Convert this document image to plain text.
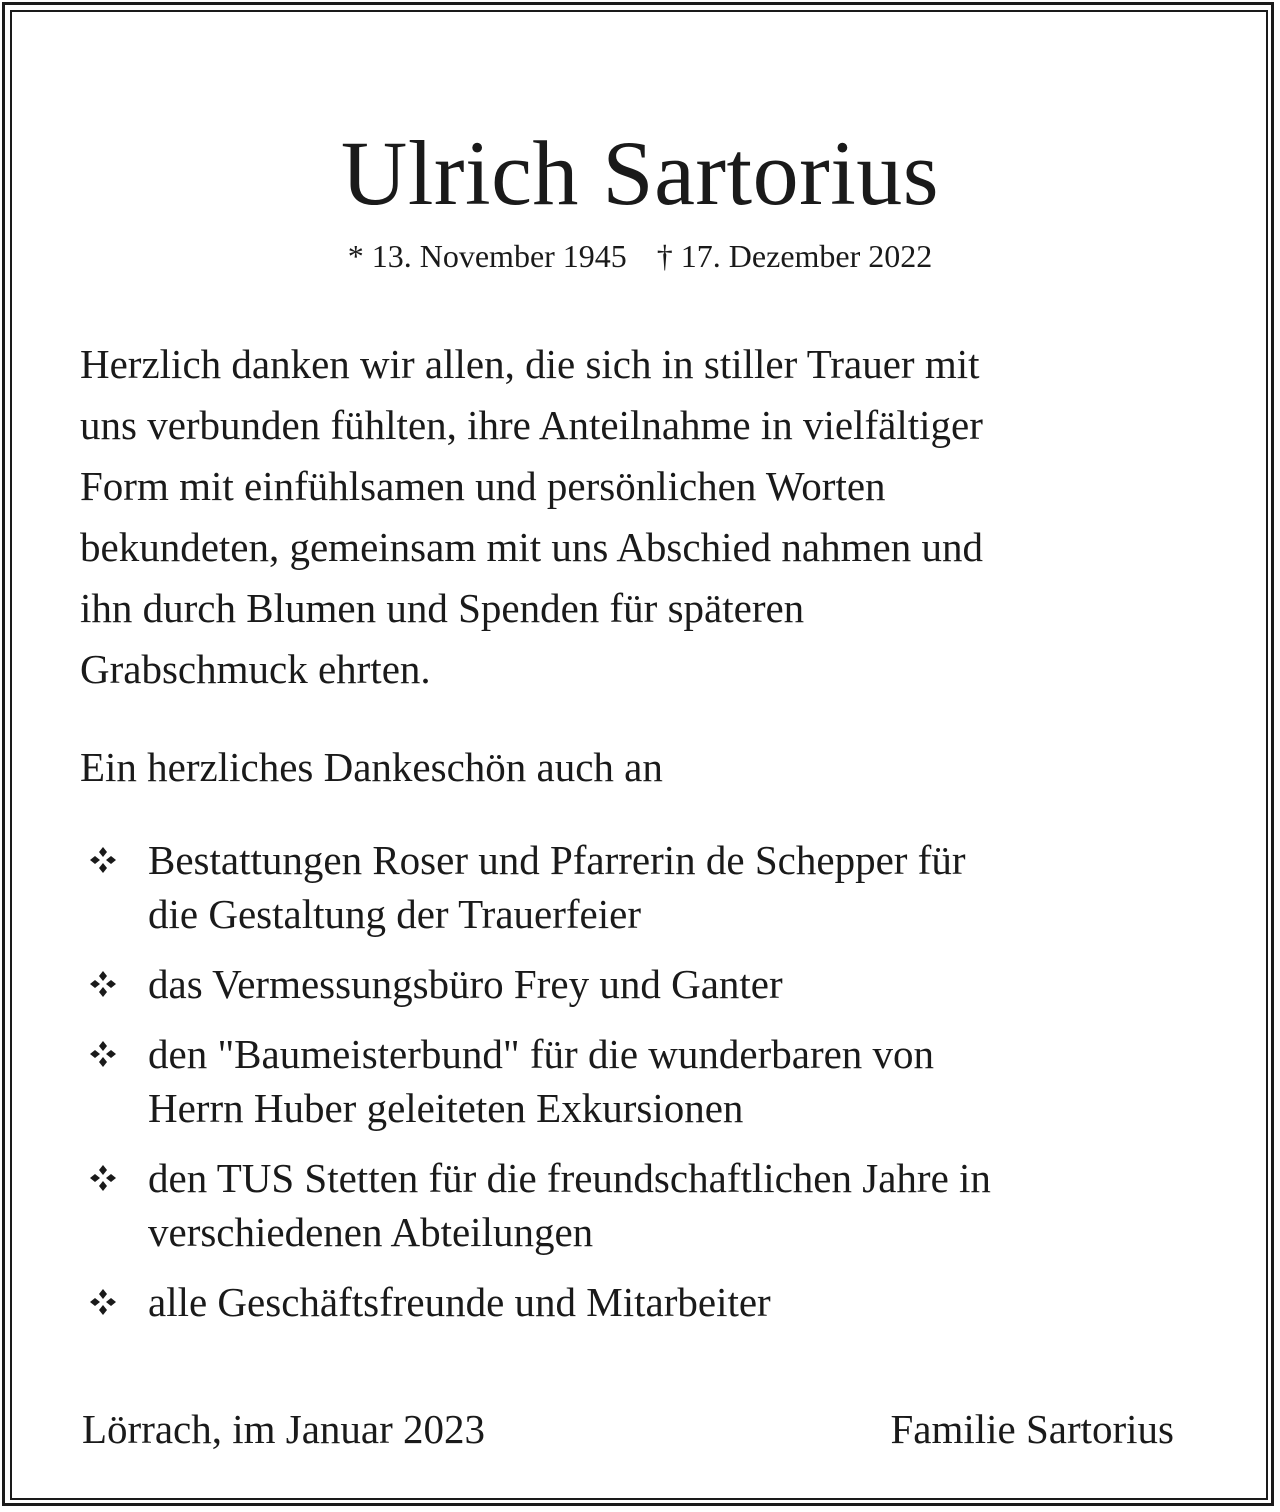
Ulrich Sartorius
* 13. November 1945 † 17. Dezember 2022
Herzlich danken wir allen, die sich in stiller Trauer mit
uns verbunden fühlten, ihre Anteilnahme in vielfältiger
Form mit einfühlsamen und persönlichen Worten
bekundeten, gemeinsam mit uns Abschied nahmen und
ihn durch Blumen und Spenden für späteren
Grabschmuck ehrten.
Ein herzliches Dankeschön auch an
Bestattungen Roser und Pfarrerin de Schepper für
die Gestaltung der Trauerfeier
das Vermessungsbüro Frey und Ganter
den "Baumeisterbund" für die wunderbaren von
Herrn Huber geleiteten Exkursionen
den TUS Stetten für die freundschaftlichen Jahre in
verschiedenen Abteilungen
alle Geschäftsfreunde und Mitarbeiter
Lörrach, im Januar 2023	Familie Sartorius
